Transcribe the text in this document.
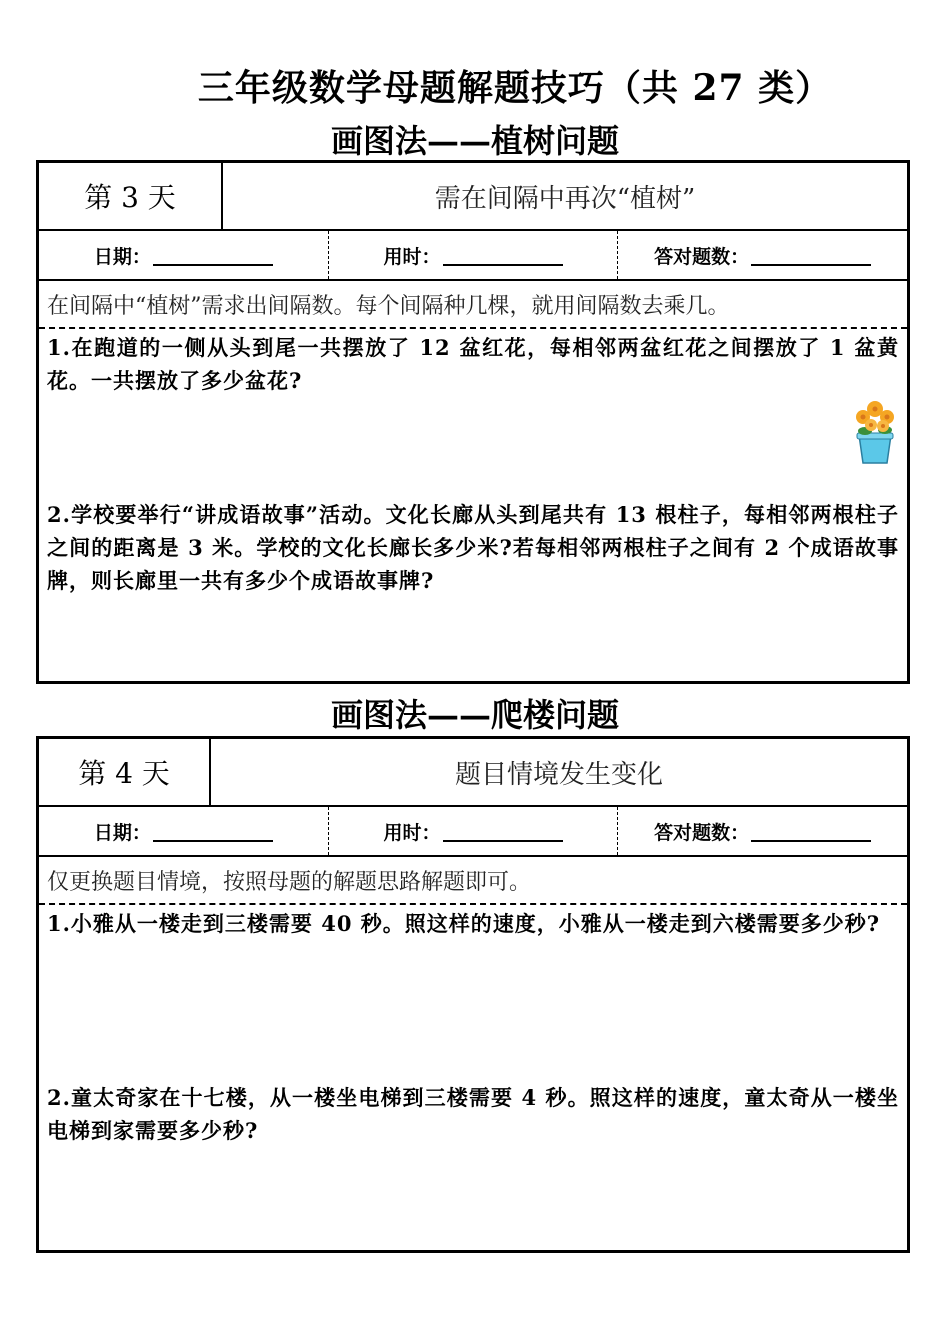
三年级数学母题解题技巧（共 27 类）
画图法——植树问题
第 3 天	需在间隔中再次“植树”
日期：	用时：	答对题数：
在间隔中“植树”需求出间隔数。每个间隔种几棵，就用间隔数去乘几。
1.在跑道的一侧从头到尾一共摆放了 12 盆红花，每相邻两盆红花之间摆放了 1 盆黄花。一共摆放了多少盆花?
2.学校要举行“讲成语故事”活动。文化长廊从头到尾共有 13 根柱子，每相邻两根柱子之间的距离是 3 米。学校的文化长廊长多少米?若每相邻两根柱子之间有 2 个成语故事牌，则长廊里一共有多少个成语故事牌?
画图法——爬楼问题
第 4 天	题目情境发生变化
日期：	用时：	答对题数：
仅更换题目情境，按照母题的解题思路解题即可。
1.小雅从一楼走到三楼需要 40 秒。照这样的速度，小雅从一楼走到六楼需要多少秒?
2.童太奇家在十七楼，从一楼坐电梯到三楼需要 4 秒。照这样的速度，童太奇从一楼坐电梯到家需要多少秒?
